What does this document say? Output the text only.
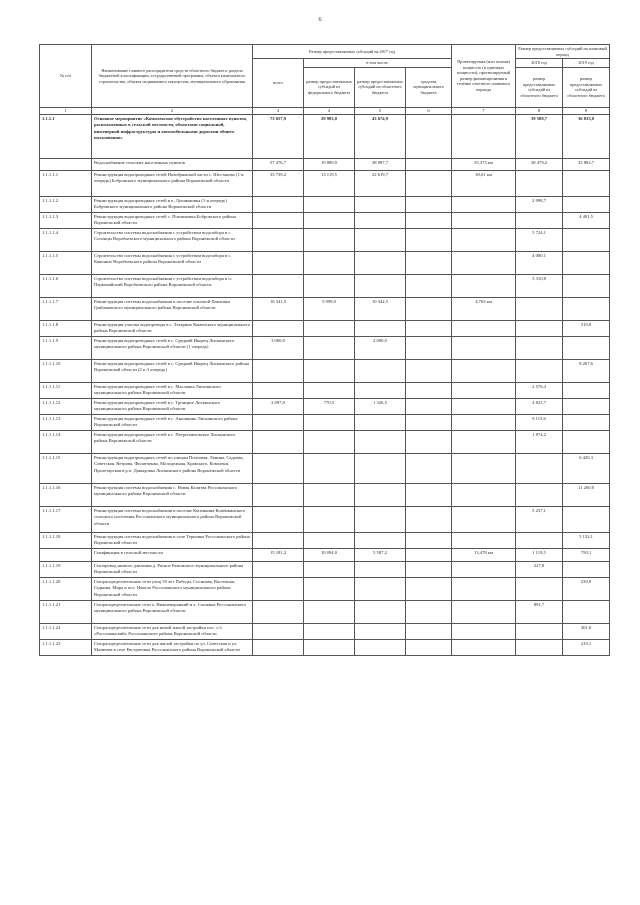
6
№ п/п	Наименование главного распорядителя средств областного бюджета, раздела бюджетной классификации, государственной программы, объекта капитального строительства, объекта недвижимого имущества, муниципального образования	Размер предоставляемых субсидий на 2017 год				Проектируемая (или полная) мощность (в единицах мощности); прогнозируемый размер финансирования в течение отчетного планового периода	Размер предоставляемых субсидий на плановый период	
		всего	в том числе:				2018 год	2019 год
			размер предоставляемых субсидий из федерального бюджета	размер предоставляемых субсидий из областного бюджета	средства муниципального бюджета		размер предоставляемых субсидий из областного бюджета	размер предоставляемых субсидий из областного бюджета

1	2	3	4	5	6	7	8	9
1.1.1.1	Основное мероприятие «Комплексное обустройство населенных пунктов, расположенных в сельской местности, объектами социальной, инженерной инфраструктуры и автомобильными дорогами общего пользования»	73 657,9	29 983,0	43 674,9			39 588,7	36 833,0
	Водоснабжение сельских населенных пунктов	57 476,7	19 889,0	38 087,7		35,373 км	38 479,2	35 882,7
1.1.1.1.1	Реконструкция водопроводных сетей Новобрянской части с. Шестаково (1-я очередь) Бобровского муниципального района Воронежской области	35 739,2	13 119,5	22 619,7		30,61 км		
1.1.1.1.2	Реконструкция водопроводных сетей в п. Лушниковка (1-я очередь) Бобровского муниципального района Воронежской области						2 998,7	
1.1.1.1.3	Реконструкция водопроводных сетей с. Пчелиновка Бобровского района Воронежской области							4 491,5
1.1.1.1.4	Строительство системы водоснабжения с устройством водозабора в с. Солонцы Воробьевского муниципального района Воронежской области						5 724,1	
1.1.1.1.5	Строительство системы водоснабжения с устройством водозабора в с. Квашино Воробьевского района Воронежской области						4 080,1	
1.1.1.1.6	Строительство системы водоснабжения с устройством водозабора в п. Первомайский Воробьевского района Воронежской области						3 310,8	
1.1.1.1.7	Реконструкция системы водоснабжения в поселке опытной Павловка Грибановского муниципального района Воронежской области	16 341,5	5 999,0	10 342,5		4,763 км		
1.1.1.1.8	Реконструкция участка водопровода в с. Татарино Каменского муниципального района Воронежской области							510,8
1.1.1.1.9	Реконструкция водопроводных сетей в с. Средний Икорец Лискинского муниципального района Воронежской области (1 очередь)	3 000,0		2 000,0				
1.1.1.1.10	Реконструкция водопроводных сетей в с. Средний Икорец Лискинского района Воронежской области (2 и 3 очередь)							8 267,6
1.1.1.1.11	Реконструкция водопроводных сетей в с. Масловка Лискинского муниципального района Воронежской области						2 576,4	
1.1.1.1.12	Реконструкция водопроводных сетей в с. Троицкое Лискинского муниципального района Воронежской области	2 097,0	770,5	1 326,5			4 825,7	
1.1.1.1.13	Реконструкция водопроводных сетей в с. Аношкино Лискинского района Воронежской области						8 115,6	
1.1.1.1.14	Реконструкция водопроводных сетей в с. Петропавловское Лискинского района Воронежской области						1 874,2	
1.1.1.1.15	Реконструкция водопроводных сетей по улицам Почтовая, Ленина, Садовая, Советская, Ветрова, Филатченко, Молодежная, Кравского, Коваленя, Пролетарская в р.п. Давыдовка Лискинского района Воронежской области							6 420,3
1.1.1.1.16	Реконструкция системы водоснабжения с. Новая Калитва Россошанского муниципального района Воронежской области							11 260,0
1.1.1.1.17	Реконструкция системы водоснабжения в поселке Копенкина Копёнкинского сельского поселения Россошанского муниципального района Воронежской области						5 237,1	
1.1.1.1.18	Реконструкция системы водоснабжения в селе Терновка Россошанского района Воронежской области							5 132,1
	Газификация в сельской местности	15 181,2	10 094,0	5 587,2		13,478 км	1 119,5	750,1
1.1.1.1.19	Газопровод низкого давления д. Ратное Рамонского муниципального района Воронежской области						227,8	
1.1.1.1.20	Газораспределительные сети улиц 50 лет Победы, Сосновая, Вастечная, Гадкина, Мира в пос. Начало Россошанского муниципального района Воронежской области							230,0
1.1.1.1.21	Газораспределительные сети х. Нижневоронкий и х. Сошенка Россошанского муниципального района Воронежской области						891,7	
1.1.1.1.22	Газораспределительные сети для новой жилой застройки пос. с/з «Россошанский» Россошанского района Воронежской области							301,0
1.1.1.1.23	Газораспределительные сети для жилой застройки по ул. Советская и ул. Матвеева в селе Евстратовка Россошанского района Воронежской области							219,1
